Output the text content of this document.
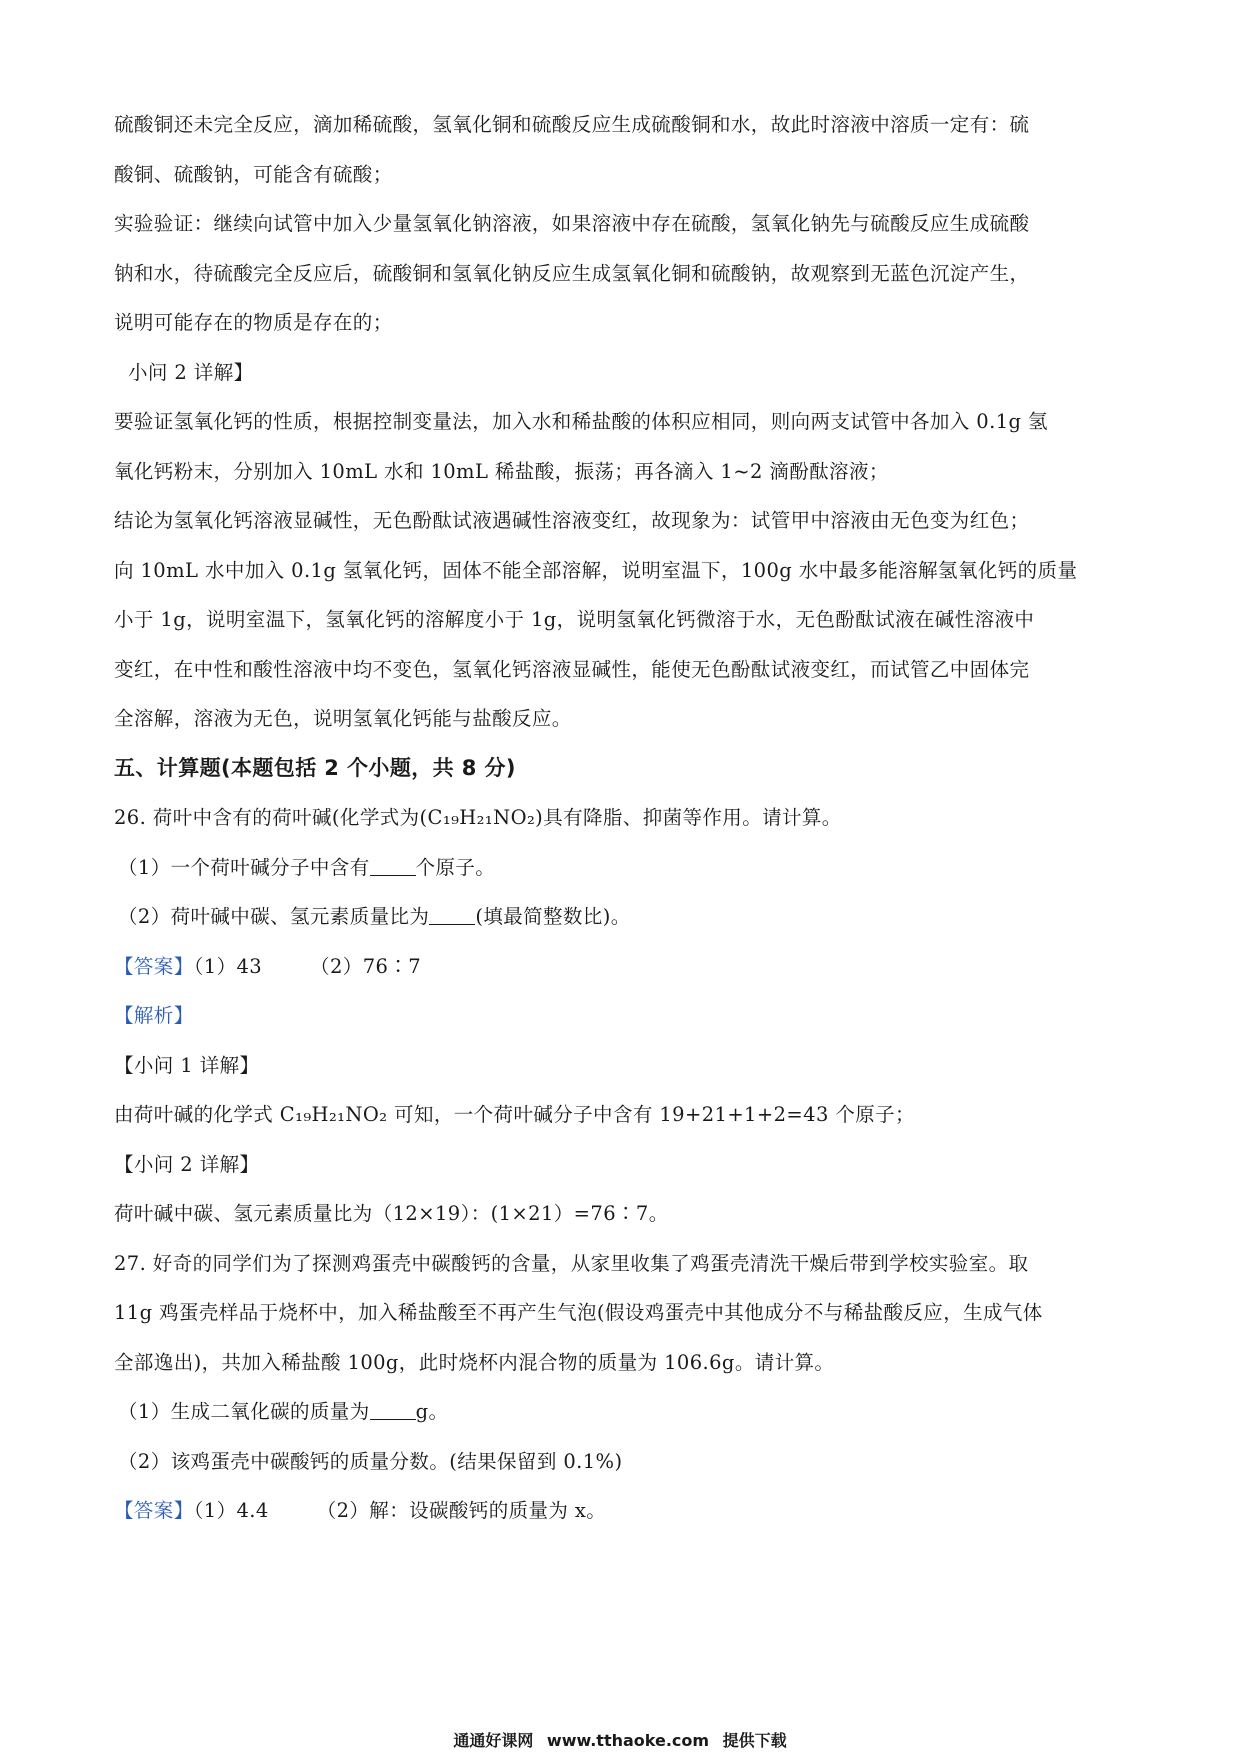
硫酸铜还未完全反应，滴加稀硫酸，氢氧化铜和硫酸反应生成硫酸铜和水，故此时溶液中溶质一定有：硫
酸铜、硫酸钠，可能含有硫酸；
实验验证：继续向试管中加入少量氢氧化钠溶液，如果溶液中存在硫酸，氢氧化钠先与硫酸反应生成硫酸
钠和水，待硫酸完全反应后，硫酸铜和氢氧化钠反应生成氢氧化铜和硫酸钠，故观察到无蓝色沉淀产生，
说明可能存在的物质是存在的；
小问 2 详解】
要验证氢氧化钙的性质，根据控制变量法，加入水和稀盐酸的体积应相同，则向两支试管中各加入 0.1g 氢
氧化钙粉末，分别加入 10mL 水和 10mL 稀盐酸，振荡；再各滴入 1~2 滴酚酞溶液；
结论为氢氧化钙溶液显碱性，无色酚酞试液遇碱性溶液变红，故现象为：试管甲中溶液由无色变为红色；
向 10mL 水中加入 0.1g 氢氧化钙，固体不能全部溶解，说明室温下，100g 水中最多能溶解氢氧化钙的质量
小于 1g，说明室温下，氢氧化钙的溶解度小于 1g，说明氢氧化钙微溶于水，无色酚酞试液在碱性溶液中
变红，在中性和酸性溶液中均不变色，氢氧化钙溶液显碱性，能使无色酚酞试液变红，而试管乙中固体完
全溶解，溶液为无色，说明氢氧化钙能与盐酸反应。
五、计算题(本题包括 2 个小题，共 8 分)
26. 荷叶中含有的荷叶碱(化学式为(C₁₉H₂₁NO₂)具有降脂、抑菌等作用。请计算。
（1）一个荷叶碱分子中含有 个原子。
（2）荷叶碱中碳、氢元素质量比为 (填最简整数比)。
【答案】（1）43 （2）76∶7
【解析】
【小问 1 详解】
由荷叶碱的化学式 C₁₉H₂₁NO₂ 可知，一个荷叶碱分子中含有 19+21+1+2=43 个原子；
【小问 2 详解】
荷叶碱中碳、氢元素质量比为（12×19）：(1×21）=76∶7。
27. 好奇的同学们为了探测鸡蛋壳中碳酸钙的含量，从家里收集了鸡蛋壳清洗干燥后带到学校实验室。取
11g 鸡蛋壳样品于烧杯中，加入稀盐酸至不再产生气泡(假设鸡蛋壳中其他成分不与稀盐酸反应，生成气体
全部逸出)，共加入稀盐酸 100g，此时烧杯内混合物的质量为 106.6g。请计算。
（1）生成二氧化碳的质量为 g。
（2）该鸡蛋壳中碳酸钙的质量分数。(结果保留到 0.1%)
【答案】（1）4.4 （2）解：设碳酸钙的质量为 x。
通通好课网 www.tthaoke.com 提供下载
